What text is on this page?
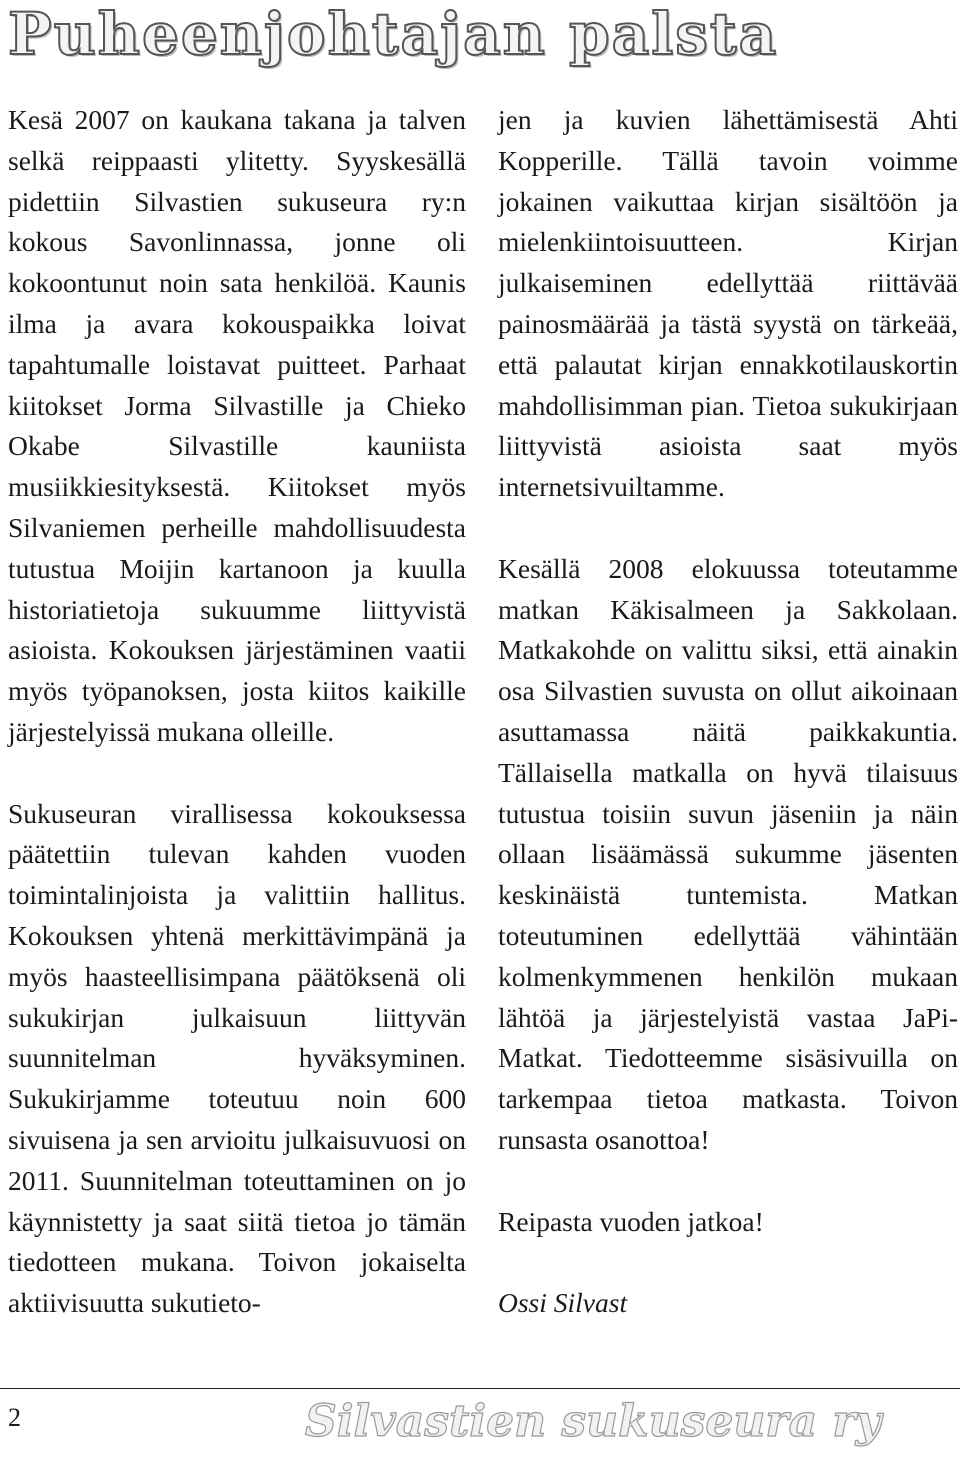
Puheenjohtajan palsta

Kesä 2007 on kaukana takana ja talven selkä reippaasti ylitetty. Syyskesällä pidettiin Silvastien sukuseura ry:n kokous Savonlinnassa, jonne oli kokoontunut noin sata henkilöä. Kaunis ilma ja avara kokouspaikka loivat tapahtumalle loistavat puitteet. Parhaat kiitokset Jorma Silvastille ja Chieko Okabe Silvastille kauniista musiikkiesityksestä. Kiitokset myös Silvaniemen perheille mahdollisuudesta tutustua Moijin kartanoon ja kuulla historiatietoja sukuumme liittyvistä asioista. Kokouksen järjestäminen vaatii myös työpanoksen, josta kiitos kaikille järjestelyissä mukana olleille.

Sukuseuran virallisessa kokouksessa päätettiin tulevan kahden vuoden toimintalinjoista ja valittiin hallitus. Kokouksen yhtenä merkittävimpänä ja myös haasteellisimpana päätöksenä oli sukukirjan julkaisuun liittyvän suunnitelman hyväksyminen. Sukukirjamme toteutuu noin 600 sivuisena ja sen arvioitu julkaisuvuosi on 2011. Suunnitelman toteuttaminen on jo käynnistetty ja saat siitä tietoa jo tämän tiedotteen mukana. Toivon jokaiselta aktiivisuutta sukutieto-

jen ja kuvien lähettämisestä Ahti Kopperille. Tällä tavoin voimme jokainen vaikuttaa kirjan sisältöön ja mielenkiintoisuutteen. Kirjan julkaiseminen edellyttää riittävää painosmäärää ja tästä syystä on tärkeää, että palautat kirjan ennakkotilauskortin mahdollisimman pian. Tietoa sukukirjaan liittyvistä asioista saat myös internetsivuiltamme.

Kesällä 2008 elokuussa toteutamme matkan Käkisalmeen ja Sakkolaan. Matkakohde on valittu siksi, että ainakin osa Silvastien suvusta on ollut aikoinaan asuttamassa näitä paikkakuntia. Tällaisella matkalla on hyvä tilaisuus tutustua toisiin suvun jäseniin ja näin ollaan lisäämässä sukumme jäsenten keskinäistä tuntemista. Matkan toteutuminen edellyttää vähintään kolmenkymmenen henkilön mukaan lähtöä ja järjestelyistä vastaa JaPi-Matkat. Tiedotteemme sisäsivuilla on tarkempaa tietoa matkasta. Toivon runsasta osanottoa!

Reipasta vuoden jatkoa!

Ossi Silvast

2	Silvastien sukuseura ry
